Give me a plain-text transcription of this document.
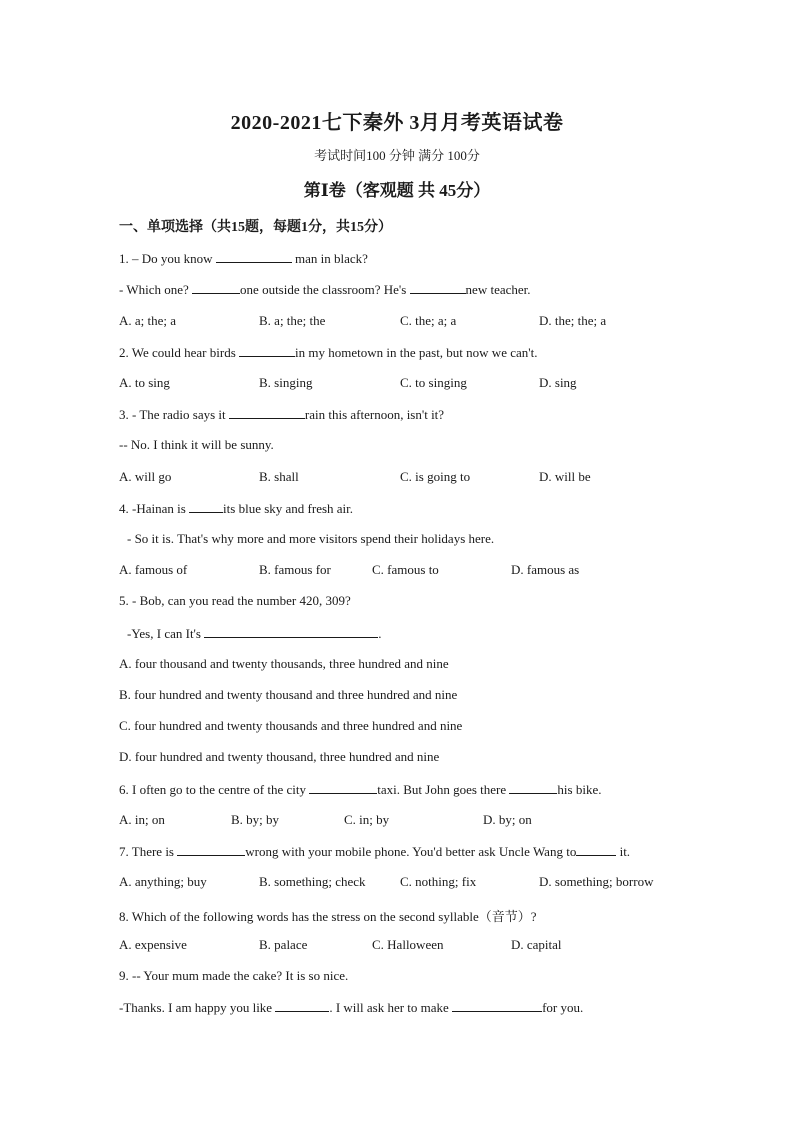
2020-2021七下秦外 3月月考英语试卷
考试时间100 分钟 满分 100分
第Ⅰ卷（客观题 共 45分）
一、单项选择（共15题，每题1分，共15分）
1. – Do you know	man in black?
- Which one?	one outside the classroom? He's	new teacher.
A. a; the; a	B. a; the; the	C. the; a; a	D. the; the; a
2. We could hear birds	in my hometown in the past, but now we can't.
A. to sing	B. singing	C. to singing	D. sing
3. - The radio says it	rain this afternoon, isn't it?
-- No. I think it will be sunny.
A. will go	B. shall	C. is going to	D. will be
4. -Hainan is	its blue sky and fresh air.
- So it is. That's why more and more visitors spend their holidays here.
A. famous of	B. famous for	C. famous to	D. famous as
5. - Bob, can you read the number 420, 309?
-Yes, I can It's	.
A. four thousand and twenty thousands, three hundred and nine
B. four hundred and twenty thousand and three hundred and nine
C. four hundred and twenty thousands and three hundred and nine
D. four hundred and twenty thousand, three hundred and nine
6. I often go to the centre of the city	taxi. But John goes there	his bike.
A. in; on	B. by; by	C. in; by	D. by; on
7. There is	wrong with your mobile phone. You'd better ask Uncle Wang to	it.
A. anything; buy	B. something; check	C. nothing; fix	D. something; borrow
8. Which of the following words has the stress on the second syllable（音节）?
A. expensive	B. palace	C. Halloween	D. capital
9. -- Your mum made the cake? It is so nice.
-Thanks. I am happy you like	. I will ask her to make	for you.
